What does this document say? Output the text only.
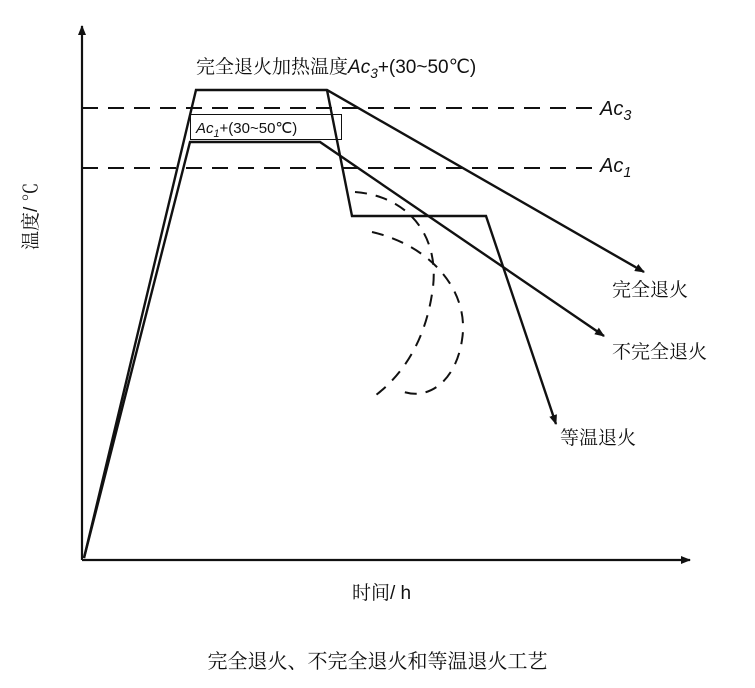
完全退火加热温度$Ac_3+(30\sim 50℃)$
$Ac_1+(30\sim 50℃)$
$Ac_3$
$Ac_1$
完全退火
不完全退火
等温退火
时间/ h
温度/ ℃
完全退火、不完全退火和等温退火工艺
